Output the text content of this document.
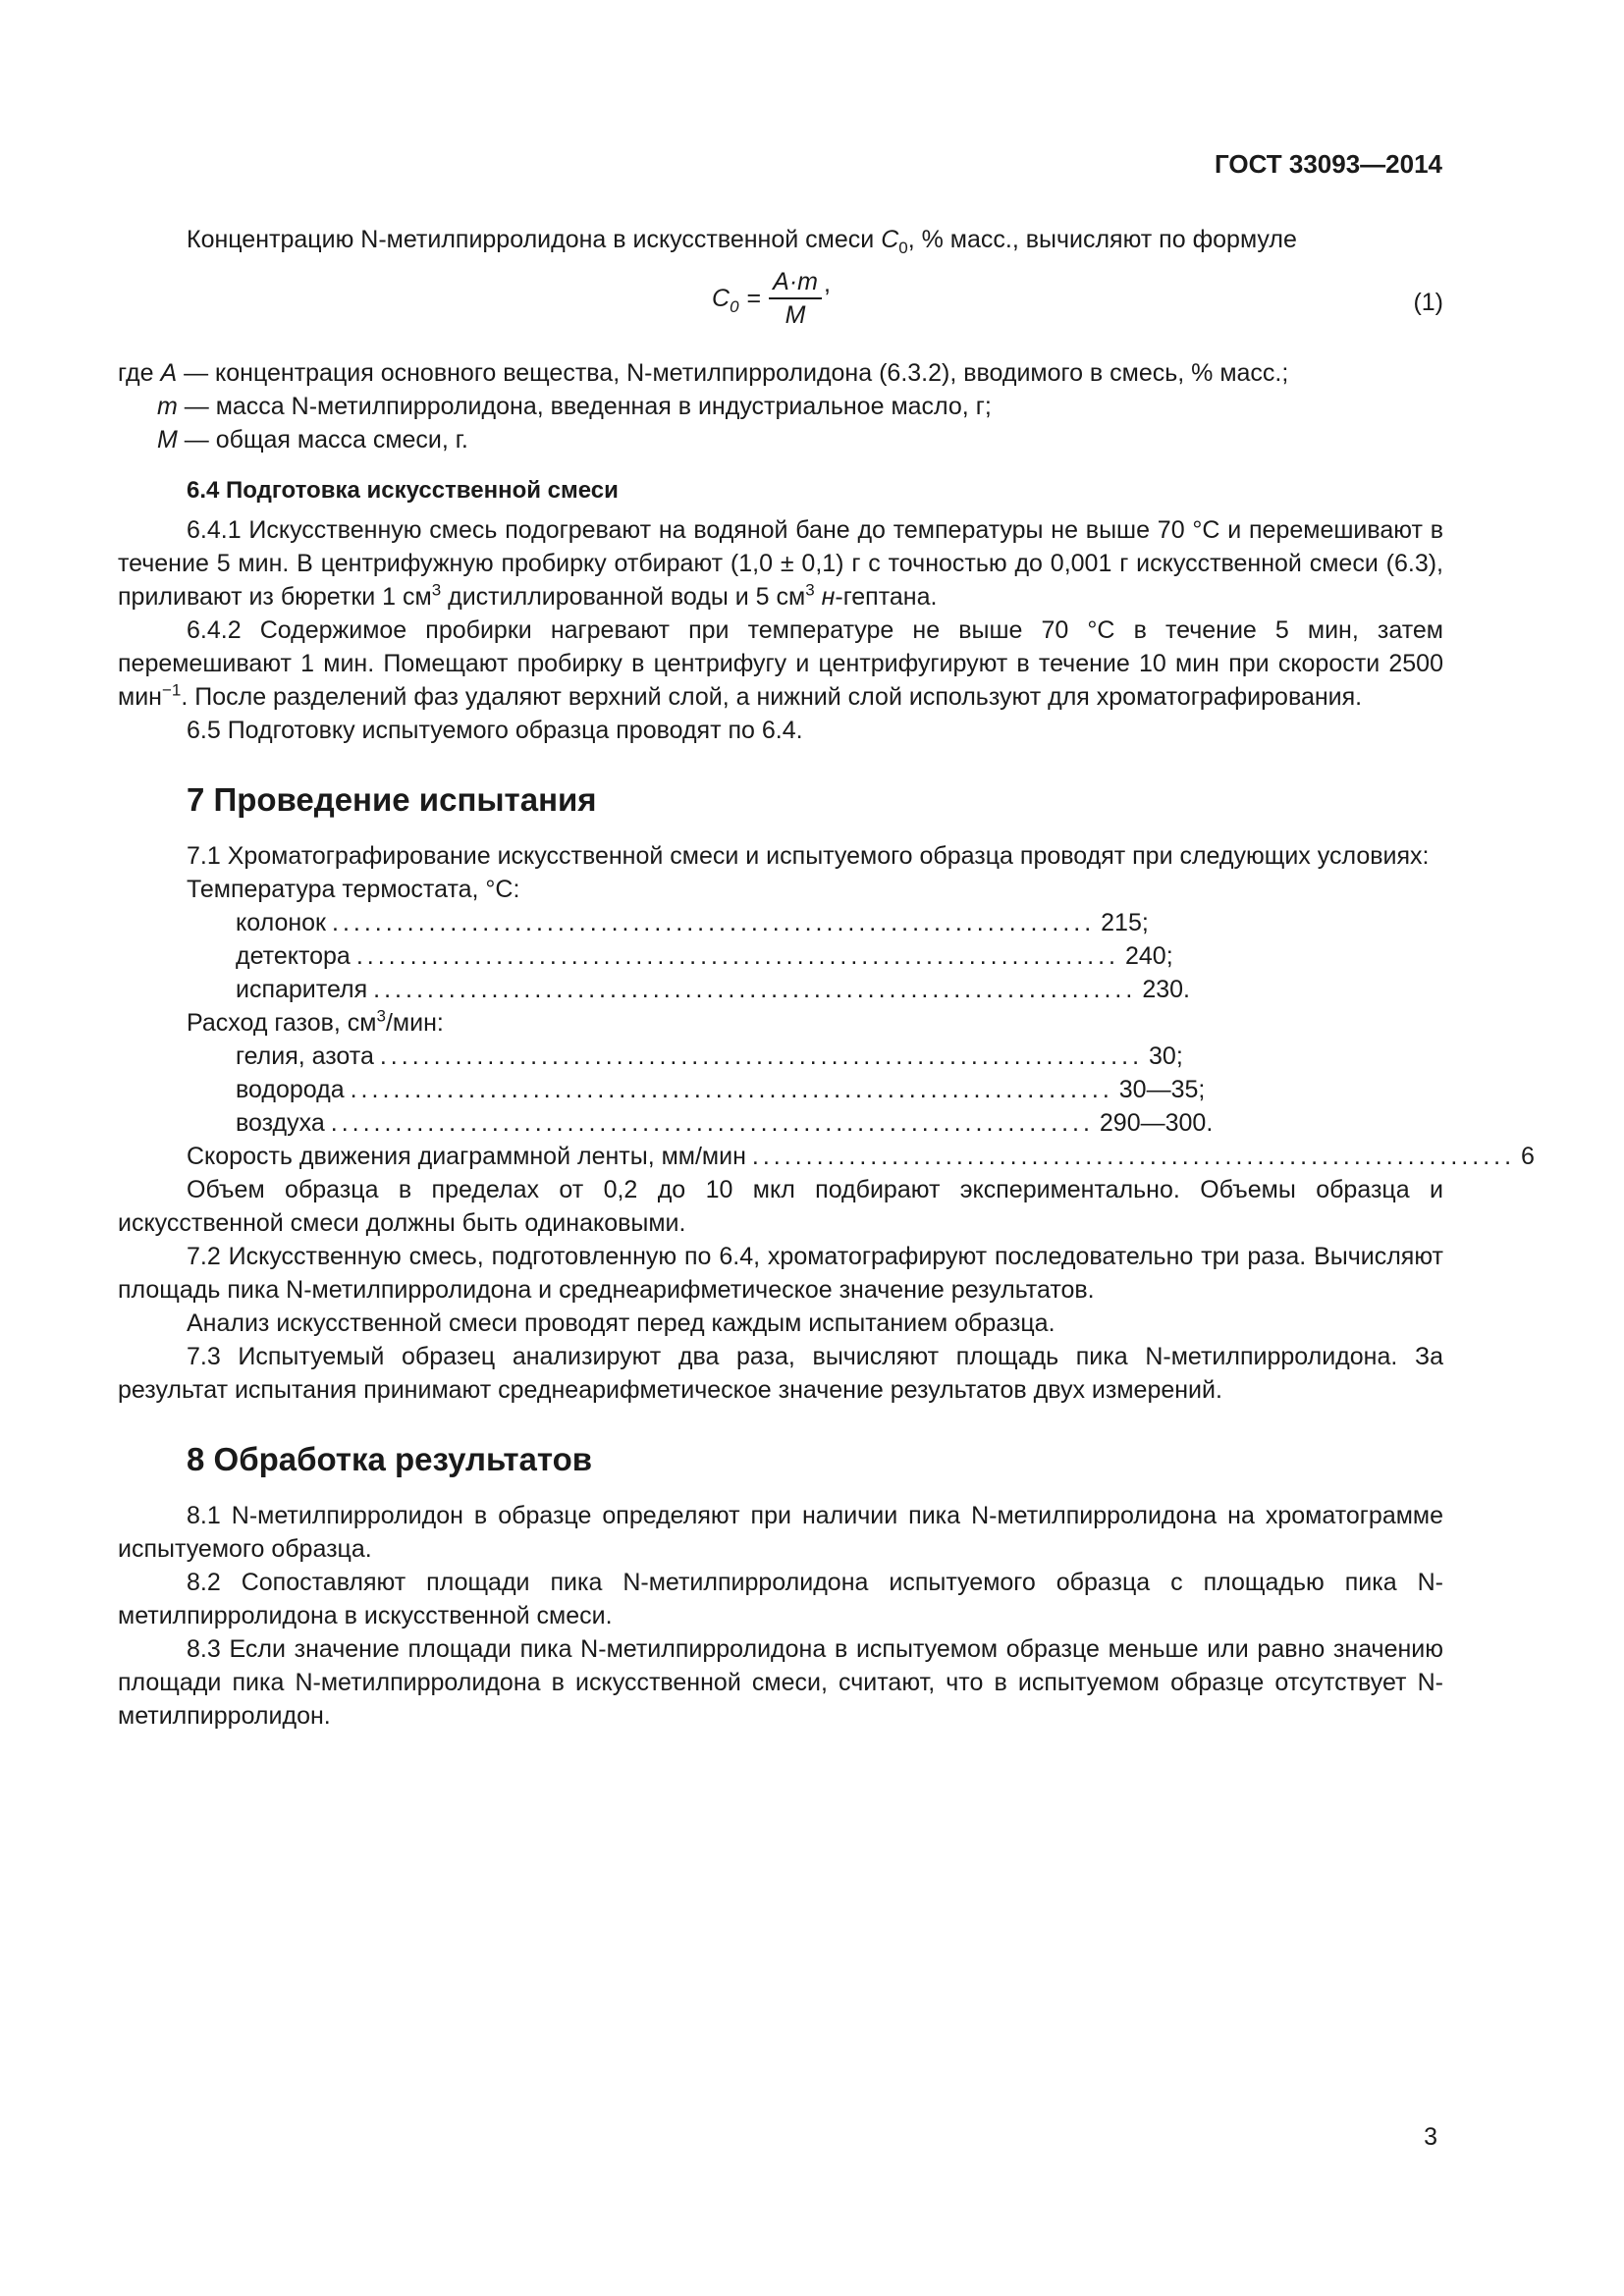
ГОСТ 33093—2014

Концентрацию N-метилпирролидона в искусственной смеси $C_0$, % масс., вычисляют по формуле

$C_0 = \frac{A\cdot m}{M}$ ,
(1)

где A — концентрация основного вещества, N-метилпирролидона (6.3.2), вводимого в смесь, % масс.;

m — масса N-метилпирролидона, введенная в индустриальное масло, г;

M — общая масса смеси, г.

6.4 Подготовка искусственной смеси

6.4.1 Искусственную смесь подогревают на водяной бане до температуры не выше 70 °С и перемешивают в течение 5 мин. В центрифужную пробирку отбирают (1,0 ± 0,1) г с точностью до 0,001 г искусственной смеси (6.3), приливают из бюретки 1 $см^3$ дистиллированной воды и 5 $см^3$ н-гептана.

6.4.2 Содержимое пробирки нагревают при температуре не выше 70 °С в течение 5 мин, затем перемешивают 1 мин. Помещают пробирку в центрифугу и центрифугируют в течение 10 мин при скорости 2500 мин$^{-1}$. После разделений фаз удаляют верхний слой, а нижний слой используют для хроматографирования.

6.5 Подготовку испытуемого образца проводят по 6.4.

7 Проведение испытания

7.1 Хроматографирование искусственной смеси и испытуемого образца проводят при следующих условиях:

Температура термостата, °С:
колонок ....................................................................... 215;
детектора ....................................................................... 240;
испарителя ....................................................................... 230.
Расход газов, $см^3$/мин:
гелия, азота ....................................................................... 30;
водорода ....................................................................... 30—35;
воздуха ....................................................................... 290—300.
Скорость движения диаграммной ленты, мм/мин ....................................................................... 6

Объем образца в пределах от 0,2 до 10 мкл подбирают экспериментально. Объемы образца и искусственной смеси должны быть одинаковыми.

7.2 Искусственную смесь, подготовленную по 6.4, хроматографируют последовательно три раза. Вычисляют площадь пика N-метилпирролидона и среднеарифметическое значение результатов.

Анализ искусственной смеси проводят перед каждым испытанием образца.

7.3 Испытуемый образец анализируют два раза, вычисляют площадь пика N-метилпирролидона. За результат испытания принимают среднеарифметическое значение результатов двух измерений.

8 Обработка результатов

8.1 N-метилпирролидон в образце определяют при наличии пика N-метилпирролидона на хроматограмме испытуемого образца.

8.2 Сопоставляют площади пика N-метилпирролидона испытуемого образца с площадью пика N-метилпирролидона в искусственной смеси.

8.3 Если значение площади пика N-метилпирролидона в испытуемом образце меньше или равно значению площади пика N-метилпирролидона в искусственной смеси, считают, что в испытуемом образце отсутствует N-метилпирролидон.

3
